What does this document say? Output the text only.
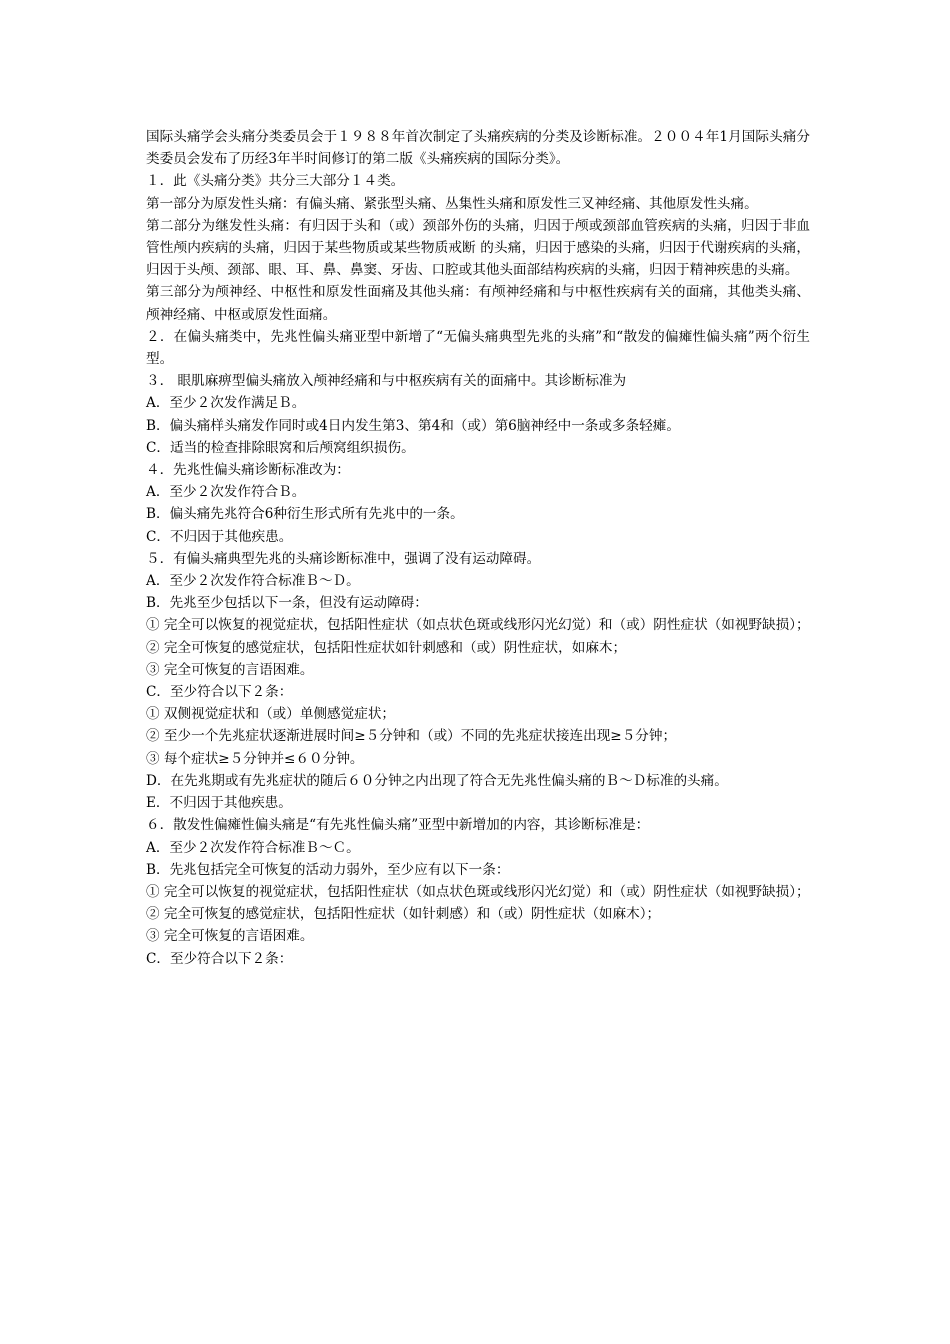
国际头痛学会头痛分类委员会于１９８８年首次制定了头痛疾病的分类及诊断标准。２００４年1月国际头痛分类委员会发布了历经3年半时间修订的第二版《头痛疾病的国际分类》。

１．此《头痛分类》共分三大部分１４类。

第一部分为原发性头痛：有偏头痛、紧张型头痛、丛集性头痛和原发性三叉神经痛、其他原发性头痛。

第二部分为继发性头痛：有归因于头和（或）颈部外伤的头痛，归因于颅或颈部血管疾病的头痛，归因于非血管性颅内疾病的头痛，归因于某些物质或某些物质戒断 的头痛，归因于感染的头痛，归因于代谢疾病的头痛，归因于头颅、颈部、眼、耳、鼻、鼻窦、牙齿、口腔或其他头面部结构疾病的头痛，归因于精神疾患的头痛。

第三部分为颅神经、中枢性和原发性面痛及其他头痛：有颅神经痛和与中枢性疾病有关的面痛，其他类头痛、颅神经痛、中枢或原发性面痛。

２．在偏头痛类中，先兆性偏头痛亚型中新增了“无偏头痛典型先兆的头痛”和“散发的偏瘫性偏头痛”两个衍生型。

３． 眼肌麻痹型偏头痛放入颅神经痛和与中枢疾病有关的面痛中。其诊断标准为

A．至少２次发作满足Ｂ。

B．偏头痛样头痛发作同时或4日内发生第3、第4和（或）第6脑神经中一条或多条轻瘫。

C．适当的检查排除眼窝和后颅窝组织损伤。

４．先兆性偏头痛诊断标准改为：

A．至少２次发作符合Ｂ。

B．偏头痛先兆符合6种衍生形式所有先兆中的一条。

C．不归因于其他疾患。

５．有偏头痛典型先兆的头痛诊断标准中，强调了没有运动障碍。

A．至少２次发作符合标准Ｂ～Ｄ。

B．先兆至少包括以下一条，但没有运动障碍：

① 完全可以恢复的视觉症状，包括阳性症状（如点状色斑或线形闪光幻觉）和（或）阴性症状（如视野缺损）；

② 完全可恢复的感觉症状，包括阳性症状如针刺感和（或）阴性症状，如麻木；

③ 完全可恢复的言语困难。

C．至少符合以下２条：

① 双侧视觉症状和（或）单侧感觉症状；

② 至少一个先兆症状逐渐进展时间≥５分钟和（或）不同的先兆症状接连出现≥５分钟；

③ 每个症状≥５分钟并≤６０分钟。

D．在先兆期或有先兆症状的随后６０分钟之内出现了符合无先兆性偏头痛的Ｂ～Ｄ标准的头痛。

E．不归因于其他疾患。

６．散发性偏瘫性偏头痛是“有先兆性偏头痛”亚型中新增加的内容，其诊断标准是：

A．至少２次发作符合标准Ｂ～Ｃ。

B．先兆包括完全可恢复的活动力弱外，至少应有以下一条：

① 完全可以恢复的视觉症状，包括阳性症状（如点状色斑或线形闪光幻觉）和（或）阴性症状（如视野缺损）；

② 完全可恢复的感觉症状，包括阳性症状（如针刺感）和（或）阴性症状（如麻木）；

③ 完全可恢复的言语困难。

C．至少符合以下２条：
